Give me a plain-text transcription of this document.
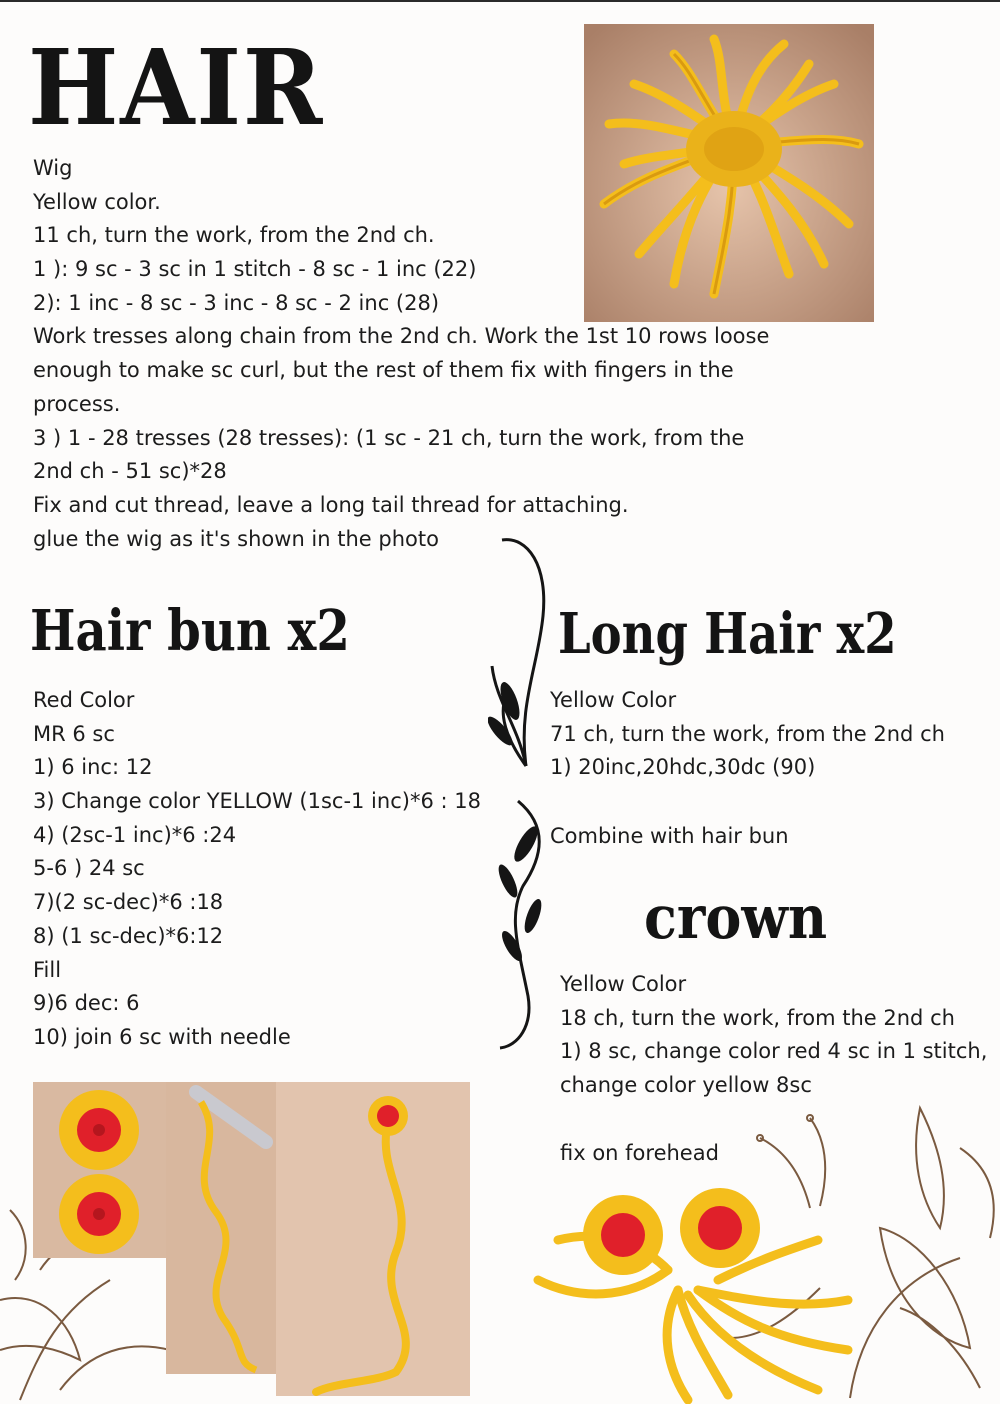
HAIR
Wig
Yellow color.
11 ch, turn the work, from the 2nd ch.
1 ): 9 sc - 3 sc in 1 stitch - 8 sc - 1 inc (22)
2): 1 inc - 8 sc - 3 inc - 8 sc - 2 inc (28)
Work tresses along chain from the 2nd ch. Work the 1st 10 rows loose
enough to make sc curl, but the rest of them fix with fingers in the
process.
3 ) 1 - 28 tresses (28 tresses): (1 sc - 21 ch, turn the work, from the
2nd ch - 51 sc)*28
Fix and cut thread, leave a long tail thread for attaching.
glue the wig as it's shown in the photo
Hair bun x2
Red Color
MR 6 sc
1) 6 inc: 12
3) Change color YELLOW (1sc-1 inc)*6 : 18
4) (2sc-1 inc)*6 :24
5-6 ) 24 sc
7)(2 sc-dec)*6 :18
8) (1 sc-dec)*6:12
Fill
9)6 dec: 6
10) join 6 sc with needle
Long Hair x2
Yellow Color
71 ch, turn the work, from the 2nd ch
1) 20inc,20hdc,30dc (90)
Combine with hair bun
crown
Yellow Color
18 ch, turn the work, from the 2nd ch
1) 8 sc, change color red 4 sc in 1 stitch,
change color yellow 8sc
fix on forehead
